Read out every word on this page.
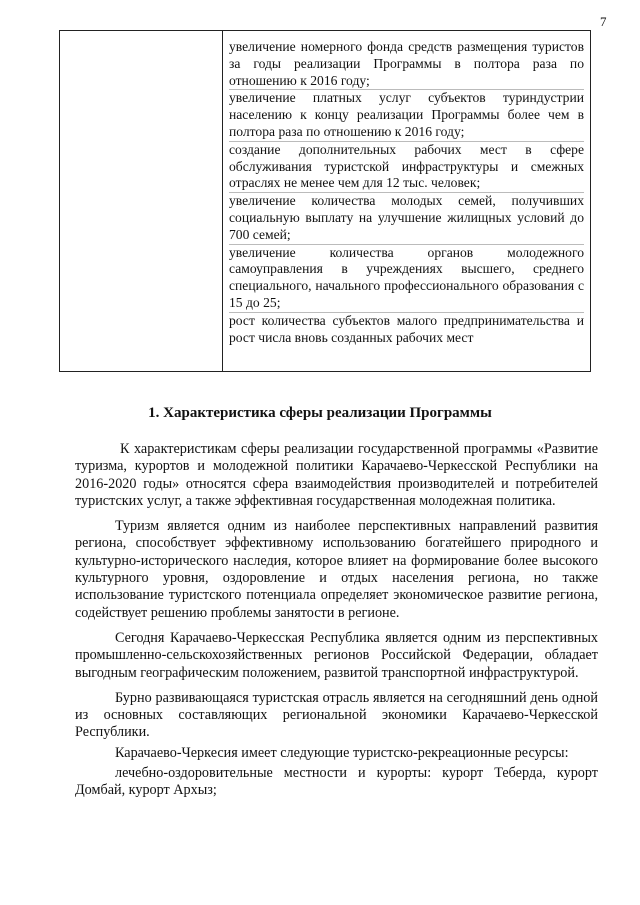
7

увеличение номерного фонда средств размещения туристов за годы реализации Программы в полтора раза по отношению к 2016 году;

увеличение платных услуг субъектов туриндустрии населению к концу реализации Программы более чем в полтора раза по отношению к 2016 году;

создание дополнительных рабочих мест в сфере обслуживания туристской инфраструктуры и смежных отраслях не менее чем для 12 тыс. человек;

увеличение количества молодых семей, получивших социальную выплату на улучшение жилищных условий до 700 семей;

увеличение количества органов молодежного самоуправления в учреждениях высшего, среднего специального, начального профессионального образования с 15 до 25;

рост количества субъектов малого предпринимательства и рост числа вновь созданных рабочих мест

1. Характеристика сферы реализации Программы

К характеристикам сферы реализации государственной программы «Развитие туризма, курортов и молодежной политики Карачаево-Черкесской Республики на 2016-2020 годы» относятся сфера взаимодействия производителей и потребителей туристских услуг, а также эффективная государственная молодежная политика.

Туризм является одним из наиболее перспективных направлений развития региона, способствует эффективному использованию богатейшего природного и культурно-исторического наследия, которое влияет на формирование более высокого культурного уровня, оздоровление и отдых населения региона, но также использование туристского потенциала определяет экономическое развитие региона, содействует решению проблемы занятости в регионе.

Сегодня Карачаево-Черкесская Республика является одним из перспективных промышленно-сельскохозяйственных регионов Российской Федерации, обладает выгодным географическим положением, развитой транспортной инфраструктурой.

Бурно развивающаяся туристская отрасль является на сегодняшний день одной из основных составляющих региональной экономики Карачаево-Черкесской Республики.

Карачаево-Черкесия имеет следующие туристско-рекреационные ресурсы:

лечебно-оздоровительные местности и курорты: курорт Теберда, курорт Домбай, курорт Архыз;
